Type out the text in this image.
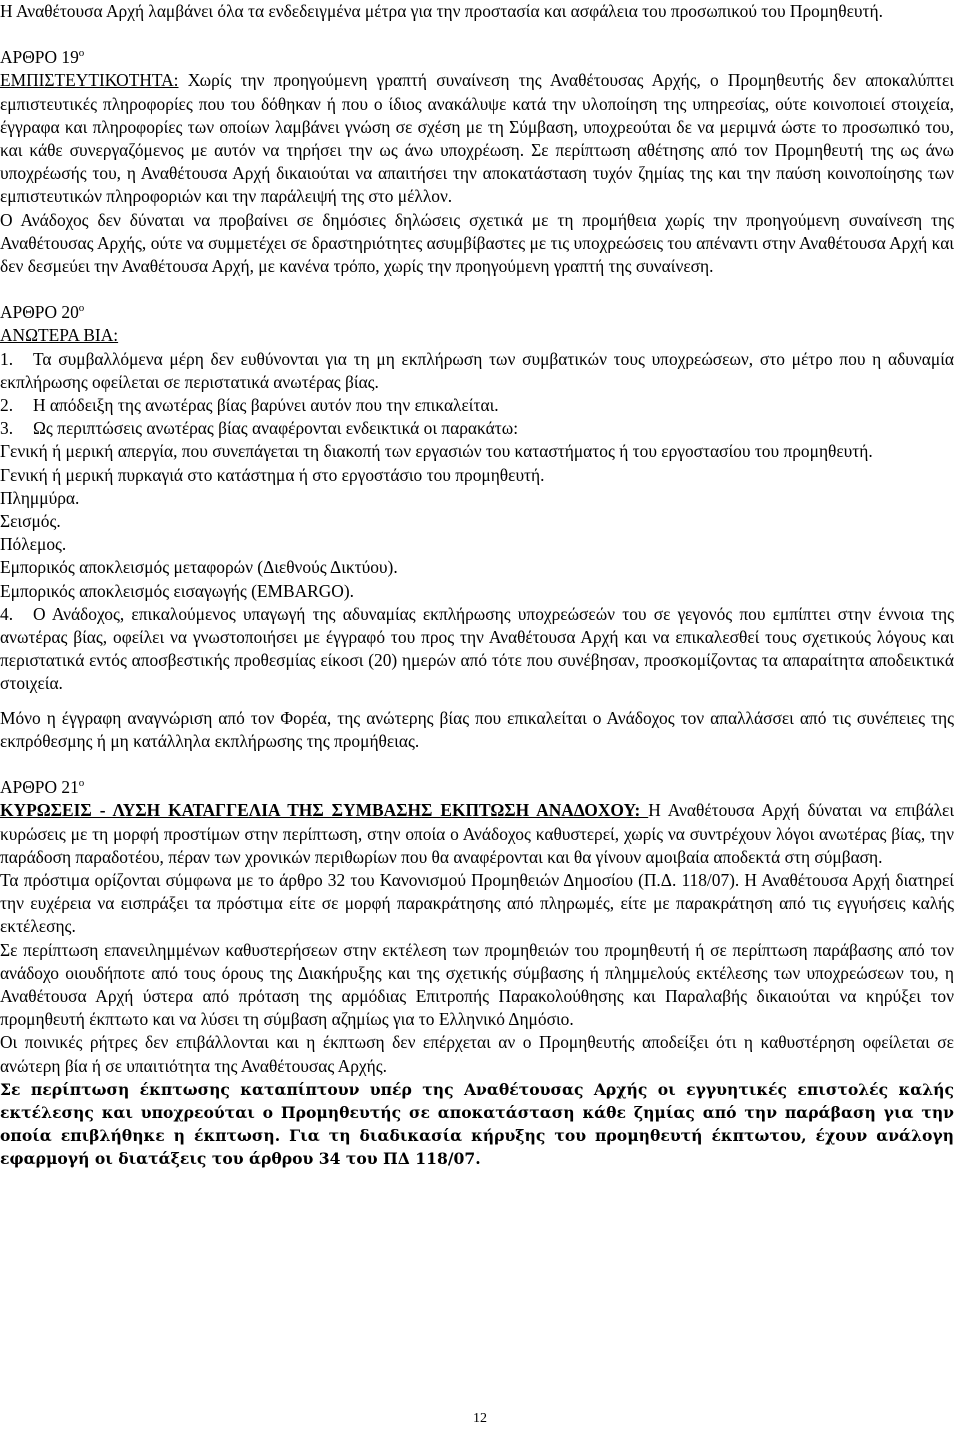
Η Αναθέτουσα Αρχή λαμβάνει όλα τα ενδεδειγμένα μέτρα για την προστασία και ασφάλεια του προσωπικού του Προμηθευτή.

ΑΡΘΡΟ $19^o$

ΕΜΠΙΣΤΕΥΤΙΚΟΤΗΤΑ: Χωρίς την προηγούμενη γραπτή συναίνεση της Αναθέτουσας Αρχής, ο Προμηθευτής δεν αποκαλύπτει εμπιστευτικές πληροφορίες που του δόθηκαν ή που ο ίδιος ανακάλυψε κατά την υλοποίηση της υπηρεσίας, ούτε κοινοποιεί στοιχεία, έγγραφα και πληροφορίες των οποίων λαμβάνει γνώση σε σχέση με τη Σύμβαση, υποχρεούται δε να μεριμνά ώστε το προσωπικό του, και κάθε συνεργαζόμενος με αυτόν να τηρήσει την ως άνω υποχρέωση. Σε περίπτωση αθέτησης από τον Προμηθευτή της ως άνω υποχρέωσής του, η Αναθέτουσα Αρχή δικαιούται να απαιτήσει την αποκατάσταση τυχόν ζημίας της και την παύση κοινοποίησης των εμπιστευτικών πληροφοριών και την παράλειψή της στο μέλλον.

Ο Ανάδοχος δεν δύναται να προβαίνει σε δημόσιες δηλώσεις σχετικά με τη προμήθεια χωρίς την προηγούμενη συναίνεση της Αναθέτουσας Αρχής, ούτε να συμμετέχει σε δραστηριότητες ασυμβίβαστες με τις υποχρεώσεις του απέναντι στην Αναθέτουσα Αρχή και δεν δεσμεύει την Αναθέτουσα Αρχή, με κανένα τρόπο, χωρίς την προηγούμενη γραπτή της συναίνεση.

ΑΡΘΡΟ $20^o$
ΑΝΩΤΕΡΑ ΒΙΑ:

1. Τα συμβαλλόμενα μέρη δεν ευθύνονται για τη μη εκπλήρωση των συμβατικών τους υποχρεώσεων, στο μέτρο που η αδυναμία εκπλήρωσης οφείλεται σε περιστατικά ανωτέρας βίας.

2. Η απόδειξη της ανωτέρας βίας βαρύνει αυτόν που την επικαλείται.

3. Ως περιπτώσεις ανωτέρας βίας αναφέρονται ενδεικτικά οι παρακάτω:

Γενική ή μερική απεργία, που συνεπάγεται τη διακοπή των εργασιών του καταστήματος ή του εργοστασίου του προμηθευτή.

Γενική ή μερική πυρκαγιά στο κατάστημα ή στο εργοστάσιο του προμηθευτή.

Πλημμύρα.

Σεισμός.

Πόλεμος.

Εμπορικός αποκλεισμός μεταφορών (Διεθνούς Δικτύου).

Εμπορικός αποκλεισμός εισαγωγής (EMBARGO).

4. Ο Ανάδοχος, επικαλούμενος υπαγωγή της αδυναμίας εκπλήρωσης υποχρεώσεών του σε γεγονός που εμπίπτει στην έννοια της ανωτέρας βίας, οφείλει να γνωστοποιήσει με έγγραφό του προς την Αναθέτουσα Αρχή και να επικαλεσθεί τους σχετικούς λόγους και περιστατικά εντός αποσβεστικής προθεσμίας είκοσι (20) ημερών από τότε που συνέβησαν, προσκομίζοντας τα απαραίτητα αποδεικτικά στοιχεία.

Μόνο η έγγραφη αναγνώριση από τον Φορέα, της ανώτερης βίας που επικαλείται ο Ανάδοχος τον απαλλάσσει από τις συνέπειες της εκπρόθεσμης ή μη κατάλληλα εκπλήρωσης της προμήθειας.

ΑΡΘΡΟ $21^o$

ΚΥΡΩΣΕΙΣ - ΛΥΣΗ ΚΑΤΑΓΓΕΛΙΑ ΤΗΣ ΣΥΜΒΑΣΗΣ ΕΚΠΤΩΣΗ ΑΝΑΔΟΧΟΥ: Η Αναθέτουσα Αρχή δύναται να επιβάλει κυρώσεις με τη μορφή προστίμων στην περίπτωση, στην οποία ο Ανάδοχος καθυστερεί, χωρίς να συντρέχουν λόγοι ανωτέρας βίας, την παράδοση παραδοτέου, πέραν των χρονικών περιθωρίων που θα αναφέρονται και θα γίνουν αμοιβαία αποδεκτά στη σύμβαση.

Τα πρόστιμα ορίζονται σύμφωνα με το άρθρο 32 του Κανονισμού Προμηθειών Δημοσίου (Π.Δ. 118/07). Η Αναθέτουσα Αρχή διατηρεί την ευχέρεια να εισπράξει τα πρόστιμα είτε σε μορφή παρακράτησης από πληρωμές, είτε με παρακράτηση από τις εγγυήσεις καλής εκτέλεσης.

Σε περίπτωση επανειλημμένων καθυστερήσεων στην εκτέλεση των προμηθειών του προμηθευτή ή σε περίπτωση παράβασης από τον ανάδοχο οιουδήποτε από τους όρους της Διακήρυξης και της σχετικής σύμβασης ή πλημμελούς εκτέλεσης των υποχρεώσεων του, η Αναθέτουσα Αρχή ύστερα από πρόταση της αρμόδιας Επιτροπής Παρακολούθησης και Παραλαβής δικαιούται να κηρύξει τον προμηθευτή έκπτωτο και να λύσει τη σύμβαση αζημίως για το Ελληνικό Δημόσιο.

Οι ποινικές ρήτρες δεν επιβάλλονται και η έκπτωση δεν επέρχεται αν ο Προμηθευτής αποδείξει ότι η καθυστέρηση οφείλεται σε ανώτερη βία ή σε υπαιτιότητα της Αναθέτουσας Αρχής.

Σε περίπτωση έκπτωσης καταπίπτουν υπέρ της Αναθέτουσας Αρχής οι εγγυητικές επιστολές καλής εκτέλεσης και υποχρεούται ο Προμηθευτής σε αποκατάσταση κάθε ζημίας από την παράβαση για την οποία επιβλήθηκε η έκπτωση. Για τη διαδικασία κήρυξης του προμηθευτή έκπτωτου, έχουν ανάλογη εφαρμογή οι διατάξεις του άρθρου 34 του ΠΔ 118/07.

12
